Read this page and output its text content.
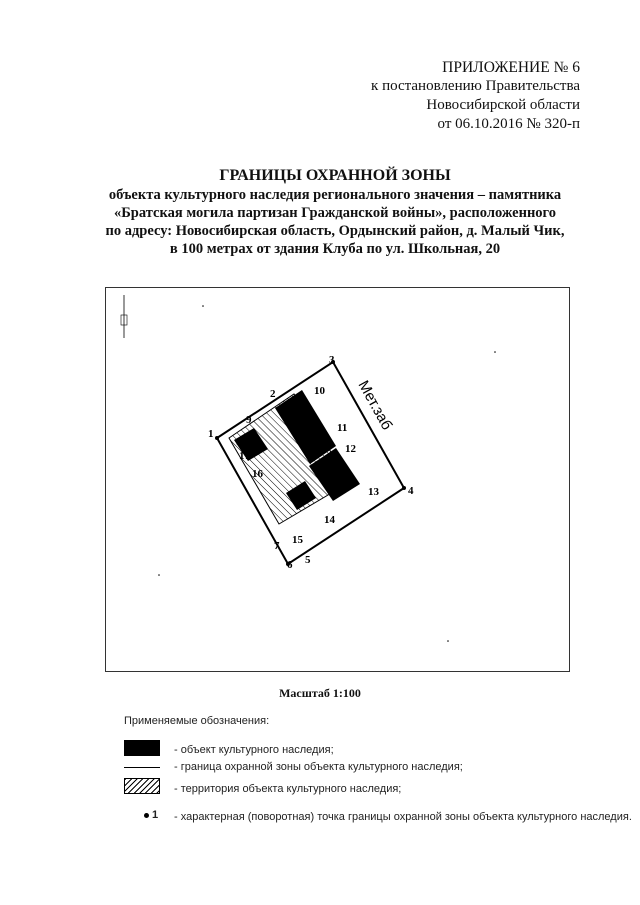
ПРИЛОЖЕНИЕ № 6
к постановлению Правительства
Новосибирской области
от 06.10.2016 № 320-п
ГРАНИЦЫ ОХРАННОЙ ЗОНЫ
объекта культурного наследия регионального значения – памятника
«Братская могила партизан Гражданской войны», расположенного
по адресу: Новосибирская область, Ордынский район, д. Малый Чик,
в 100 метрах от здания Клуба по ул. Школьная, 20
Мет.заб
1
2
3
4
5
6
7
8
9
10
11
12
13
14
15
16
17
Масштаб 1:100
Применяемые обозначения:
- объект культурного наследия;
- граница охранной зоны объекта культурного наследия;
- территория объекта культурного наследия;
1 - характерная (поворотная) точка границы охранной зоны объекта культурного наследия.
